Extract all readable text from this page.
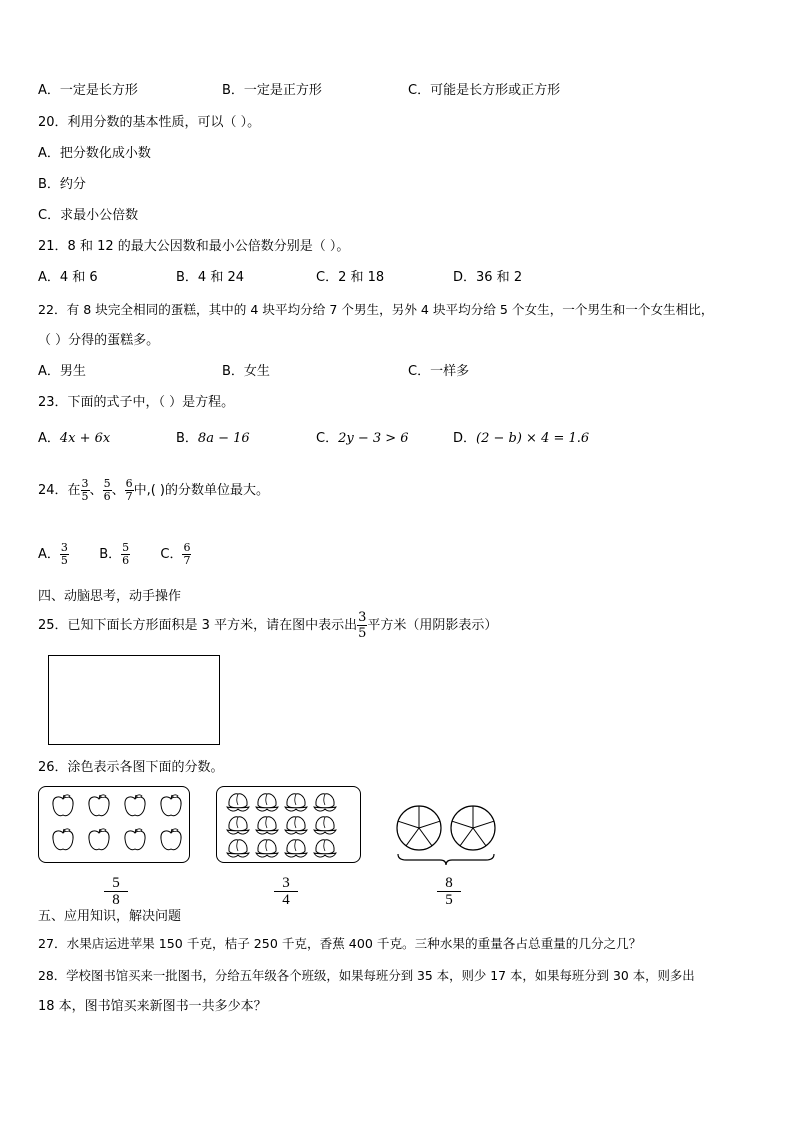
A．一定是长方形	B．一定是正方形	C．可能是长方形或正方形
20．利用分数的基本性质，可以（ ）。
A．把分数化成小数
B．约分
C．求最小公倍数
21．8 和 12 的最大公因数和最小公倍数分别是（ ）。
A．4 和 6	B．4 和 24	C．2 和 18	D．36 和 2
22．有 8 块完全相同的蛋糕，其中的 4 块平均分给 7 个男生，另外 4 块平均分给 5 个女生，一个男生和一个女生相比，
（ ）分得的蛋糕多。
A．男生	B．女生	C．一样多
23．下面的式子中，（ ）是方程。
A．4x + 6x	B．8a − 16	C．2y − 3 > 6	D．(2 − b) × 4 = 1.6
24．在 $\frac{3}{5}$ 、 $\frac{5}{6}$ 、 $\frac{6}{7}$ 中,( )的分数单位最大。
A． $\frac{3}{5}$ B． $\frac{5}{6}$ C． $\frac{6}{7}$
四、动脑思考，动手操作
25．已知下面长方形面积是 3 平方米，请在图中表示出 $\frac{3}{5}$ 平方米（用阴影表示）
26．涂色表示各图下面的分数。
$\frac{5}{8}$	$\frac{3}{4}$	$\frac{8}{5}$
五、应用知识，解决问题
27．水果店运进苹果 150 千克，桔子 250 千克，香蕉 400 千克。三种水果的重量各占总重量的几分之几？
28．学校图书馆买来一批图书，分给五年级各个班级，如果每班分到 35 本，则少 17 本，如果每班分到 30 本，则多出
18 本，图书馆买来新图书一共多少本？
